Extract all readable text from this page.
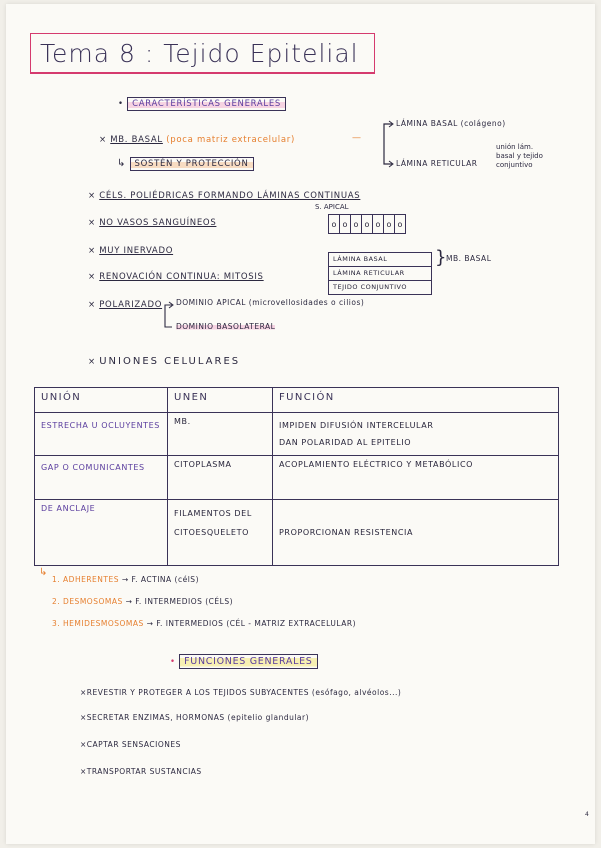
Tema 8 : Tejido Epitelial
• CARACTERÍSTICAS GENERALES
× MB. BASAL (poca matriz extracelular)	—
LÁMINA BASAL (colágeno)
LÁMINA RETICULAR
unión lám.
basal y tejido
conjuntivo
↳ SOSTÉN Y PROTECCIÓN
× CÉLS. POLIÉDRICAS FORMANDO LÁMINAS CONTINUAS
× NO VASOS SANGUÍNEOS
× MUY INERVADO
× RENOVACIÓN CONTINUA: MITOSIS
× POLARIZADO DOMINIO APICAL (microvellosidades o cilios)
DOMINIO BASOLATERAL
× UNIONES CELULARES
S. APICAL
o	o	o	o	o	o	o
LÁMINA BASAL
LÁMINA RETICULAR
TEJIDO CONJUNTIVO
} MB. BASAL
UNIÓN	UNEN	FUNCIÓN
ESTRECHA U OCLUYENTES	MB.	IMPIDEN DIFUSIÓN INTERCELULAR
DAN POLARIDAD AL EPITELIO

GAP O COMUNICANTES	CITOPLASMA	ACOPLAMIENTO ELÉCTRICO Y METABÓLICO
DE ANCLAJE	FILAMENTOS DEL CITOESQUELETO	PROPORCIONAN RESISTENCIA
↳
1. ADHERENTES → F. ACTINA (célS)
2. DESMOSOMAS → F. INTERMEDIOS (CÉLS)
3. HEMIDESMOSOMAS → F. INTERMEDIOS (CÉL - MATRIZ EXTRACELULAR)
• FUNCIONES GENERALES
×REVESTIR Y PROTEGER A LOS TEJIDOS SUBYACENTES (esófago, alvéolos...)
×SECRETAR ENZIMAS, HORMONAS (epitelio glandular)
×CAPTAR SENSACIONES
×TRANSPORTAR SUSTANCIAS
4
